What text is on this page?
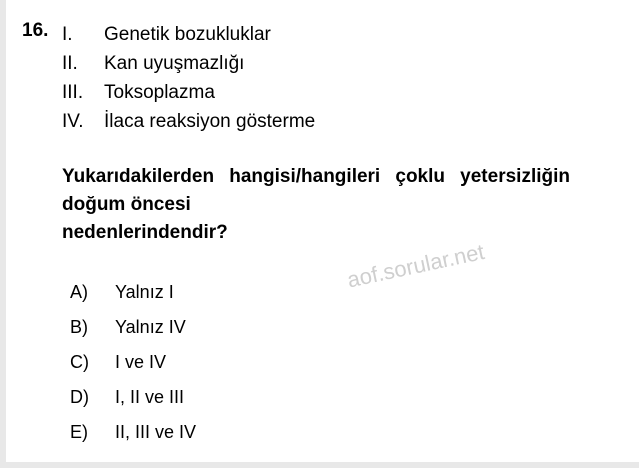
16. I.	Genetik bozukluklar
II.	Kan uyuşmazlığı
III.	Toksoplazma
IV.	İlaca reaksiyon gösterme
Yukarıdakilerden hangisi/hangileri çoklu yetersizliğin doğum öncesi
nedenlerindendir?
A)	Yalnız I
B)	Yalnız IV
C)	I ve IV
D)	I, II ve III
E)	II, III ve IV
aof.sorular.net
